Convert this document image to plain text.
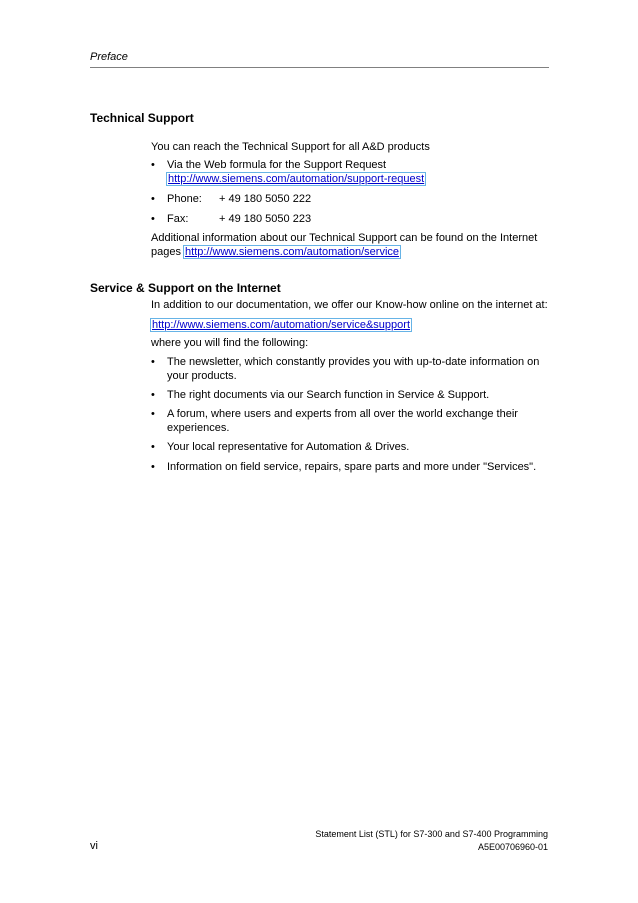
Preface
Technical Support
You can reach the Technical Support for all A&D products
• Via the Web formula for the Support Request
http://www.siemens.com/automation/support-request
• Phone: + 49 180 5050 222
• Fax:	+ 49 180 5050 223
Additional information about our Technical Support can be found on the Internet
pages http://www.siemens.com/automation/service
Service & Support on the Internet
In addition to our documentation, we offer our Know-how online on the internet at:
http://www.siemens.com/automation/service&support
where you will find the following:
• The newsletter, which constantly provides you with up-to-date information on your products.
• The right documents via our Search function in Service & Support.
• A forum, where users and experts from all over the world exchange their experiences.
• Your local representative for Automation & Drives.
• Information on field service, repairs, spare parts and more under "Services".
Statement List (STL) for S7-300 and S7-400 Programming
vi	A5E00706960-01
